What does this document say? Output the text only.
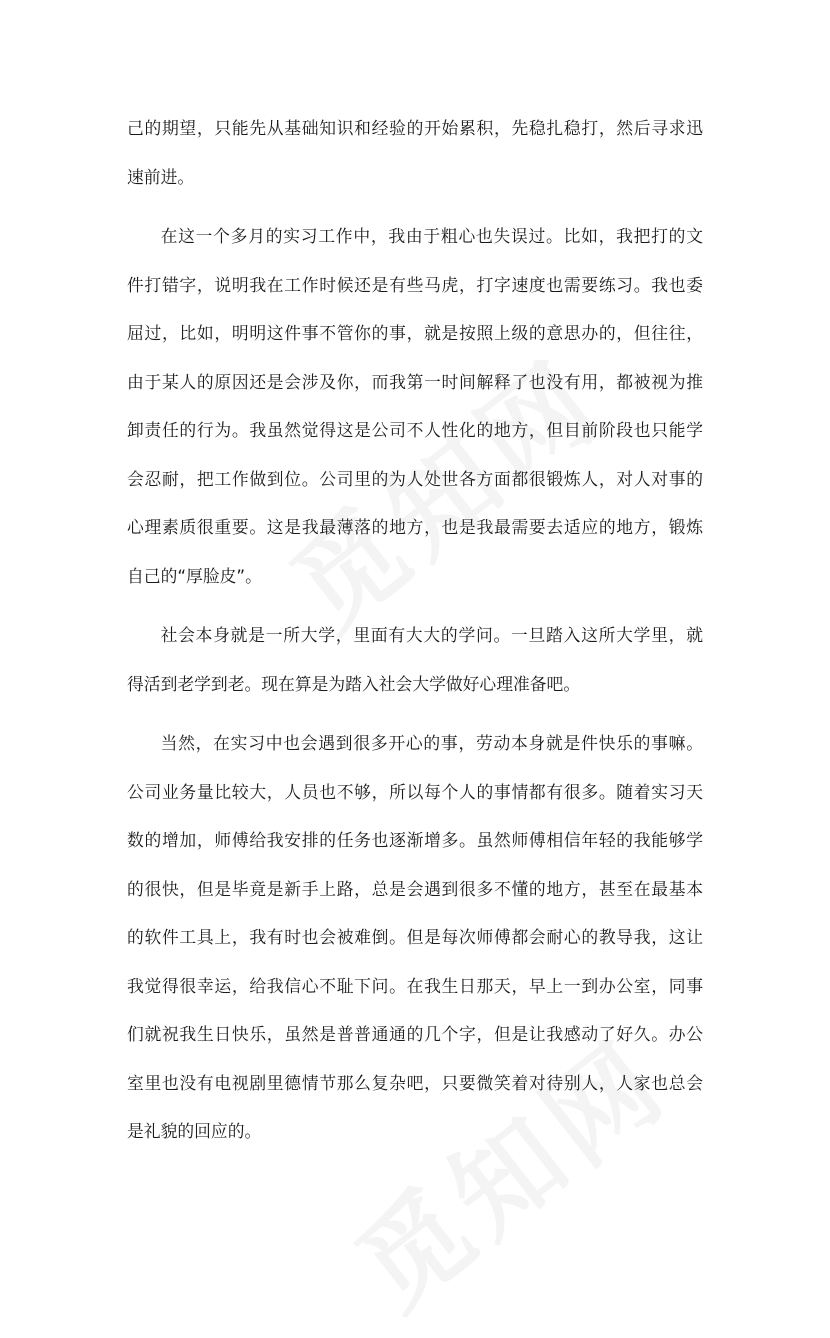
己的期望，只能先从基础知识和经验的开始累积，先稳扎稳打，然后寻求迅
速前进。
在这一个多月的实习工作中，我由于粗心也失误过。比如，我把打的文
件打错字，说明我在工作时候还是有些马虎，打字速度也需要练习。我也委
屈过，比如，明明这件事不管你的事，就是按照上级的意思办的，但往往，
由于某人的原因还是会涉及你，而我第一时间解释了也没有用，都被视为推
卸责任的行为。我虽然觉得这是公司不人性化的地方，但目前阶段也只能学
会忍耐，把工作做到位。公司里的为人处世各方面都很锻炼人，对人对事的
心理素质很重要。这是我最薄落的地方，也是我最需要去适应的地方，锻炼
自己的“厚脸皮”。
社会本身就是一所大学，里面有大大的学问。一旦踏入这所大学里，就
得活到老学到老。现在算是为踏入社会大学做好心理准备吧。
当然，在实习中也会遇到很多开心的事，劳动本身就是件快乐的事嘛。
公司业务量比较大，人员也不够，所以每个人的事情都有很多。随着实习天
数的增加，师傅给我安排的任务也逐渐增多。虽然师傅相信年轻的我能够学
的很快，但是毕竟是新手上路，总是会遇到很多不懂的地方，甚至在最基本
的软件工具上，我有时也会被难倒。但是每次师傅都会耐心的教导我，这让
我觉得很幸运，给我信心不耻下问。在我生日那天，早上一到办公室，同事
们就祝我生日快乐，虽然是普普通通的几个字，但是让我感动了好久。办公
室里也没有电视剧里德情节那么复杂吧，只要微笑着对待别人，人家也总会
是礼貌的回应的。
